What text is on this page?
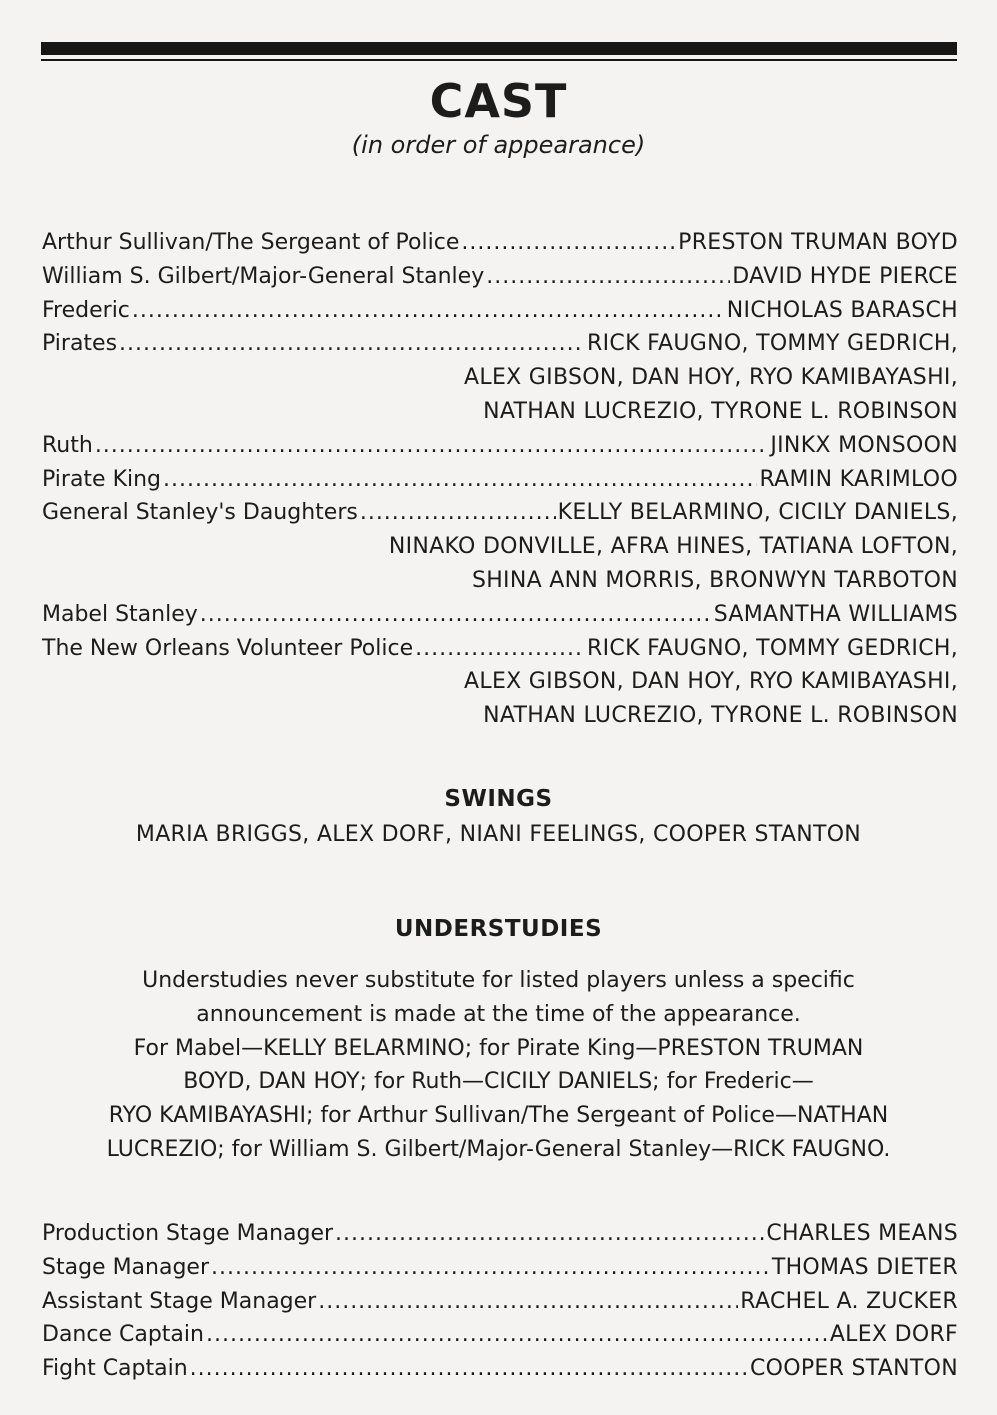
CAST
(in order of appearance)
Arthur Sullivan/The Sergeant of Police .....	PRESTON TRUMAN BOYD
William S. Gilbert/Major-General Stanley .....	DAVID HYDE PIERCE
Frederic .....	NICHOLAS BARASCH
Pirates .....	RICK FAUGNO, TOMMY GEDRICH,
ALEX GIBSON, DAN HOY, RYO KAMIBAYASHI,
NATHAN LUCREZIO, TYRONE L. ROBINSON
Ruth .....	JINKX MONSOON
Pirate King .....	RAMIN KARIMLOO
General Stanley's Daughters .....	KELLY BELARMINO, CICILY DANIELS,
NINAKO DONVILLE, AFRA HINES, TATIANA LOFTON,
SHINA ANN MORRIS, BRONWYN TARBOTON
Mabel Stanley .....	SAMANTHA WILLIAMS
The New Orleans Volunteer Police .....	RICK FAUGNO, TOMMY GEDRICH,
ALEX GIBSON, DAN HOY, RYO KAMIBAYASHI,
NATHAN LUCREZIO, TYRONE L. ROBINSON
SWINGS
MARIA BRIGGS, ALEX DORF, NIANI FEELINGS, COOPER STANTON
UNDERSTUDIES
Understudies never substitute for listed players unless a specific
announcement is made at the time of the appearance.
For Mabel—KELLY BELARMINO; for Pirate King—PRESTON TRUMAN
BOYD, DAN HOY; for Ruth—CICILY DANIELS; for Frederic—
RYO KAMIBAYASHI; for Arthur Sullivan/The Sergeant of Police—NATHAN
LUCREZIO; for William S. Gilbert/Major-General Stanley—RICK FAUGNO.
Production Stage Manager .....	CHARLES MEANS
Stage Manager .....	THOMAS DIETER
Assistant Stage Manager .....	RACHEL A. ZUCKER
Dance Captain .....	ALEX DORF
Fight Captain .....	COOPER STANTON
